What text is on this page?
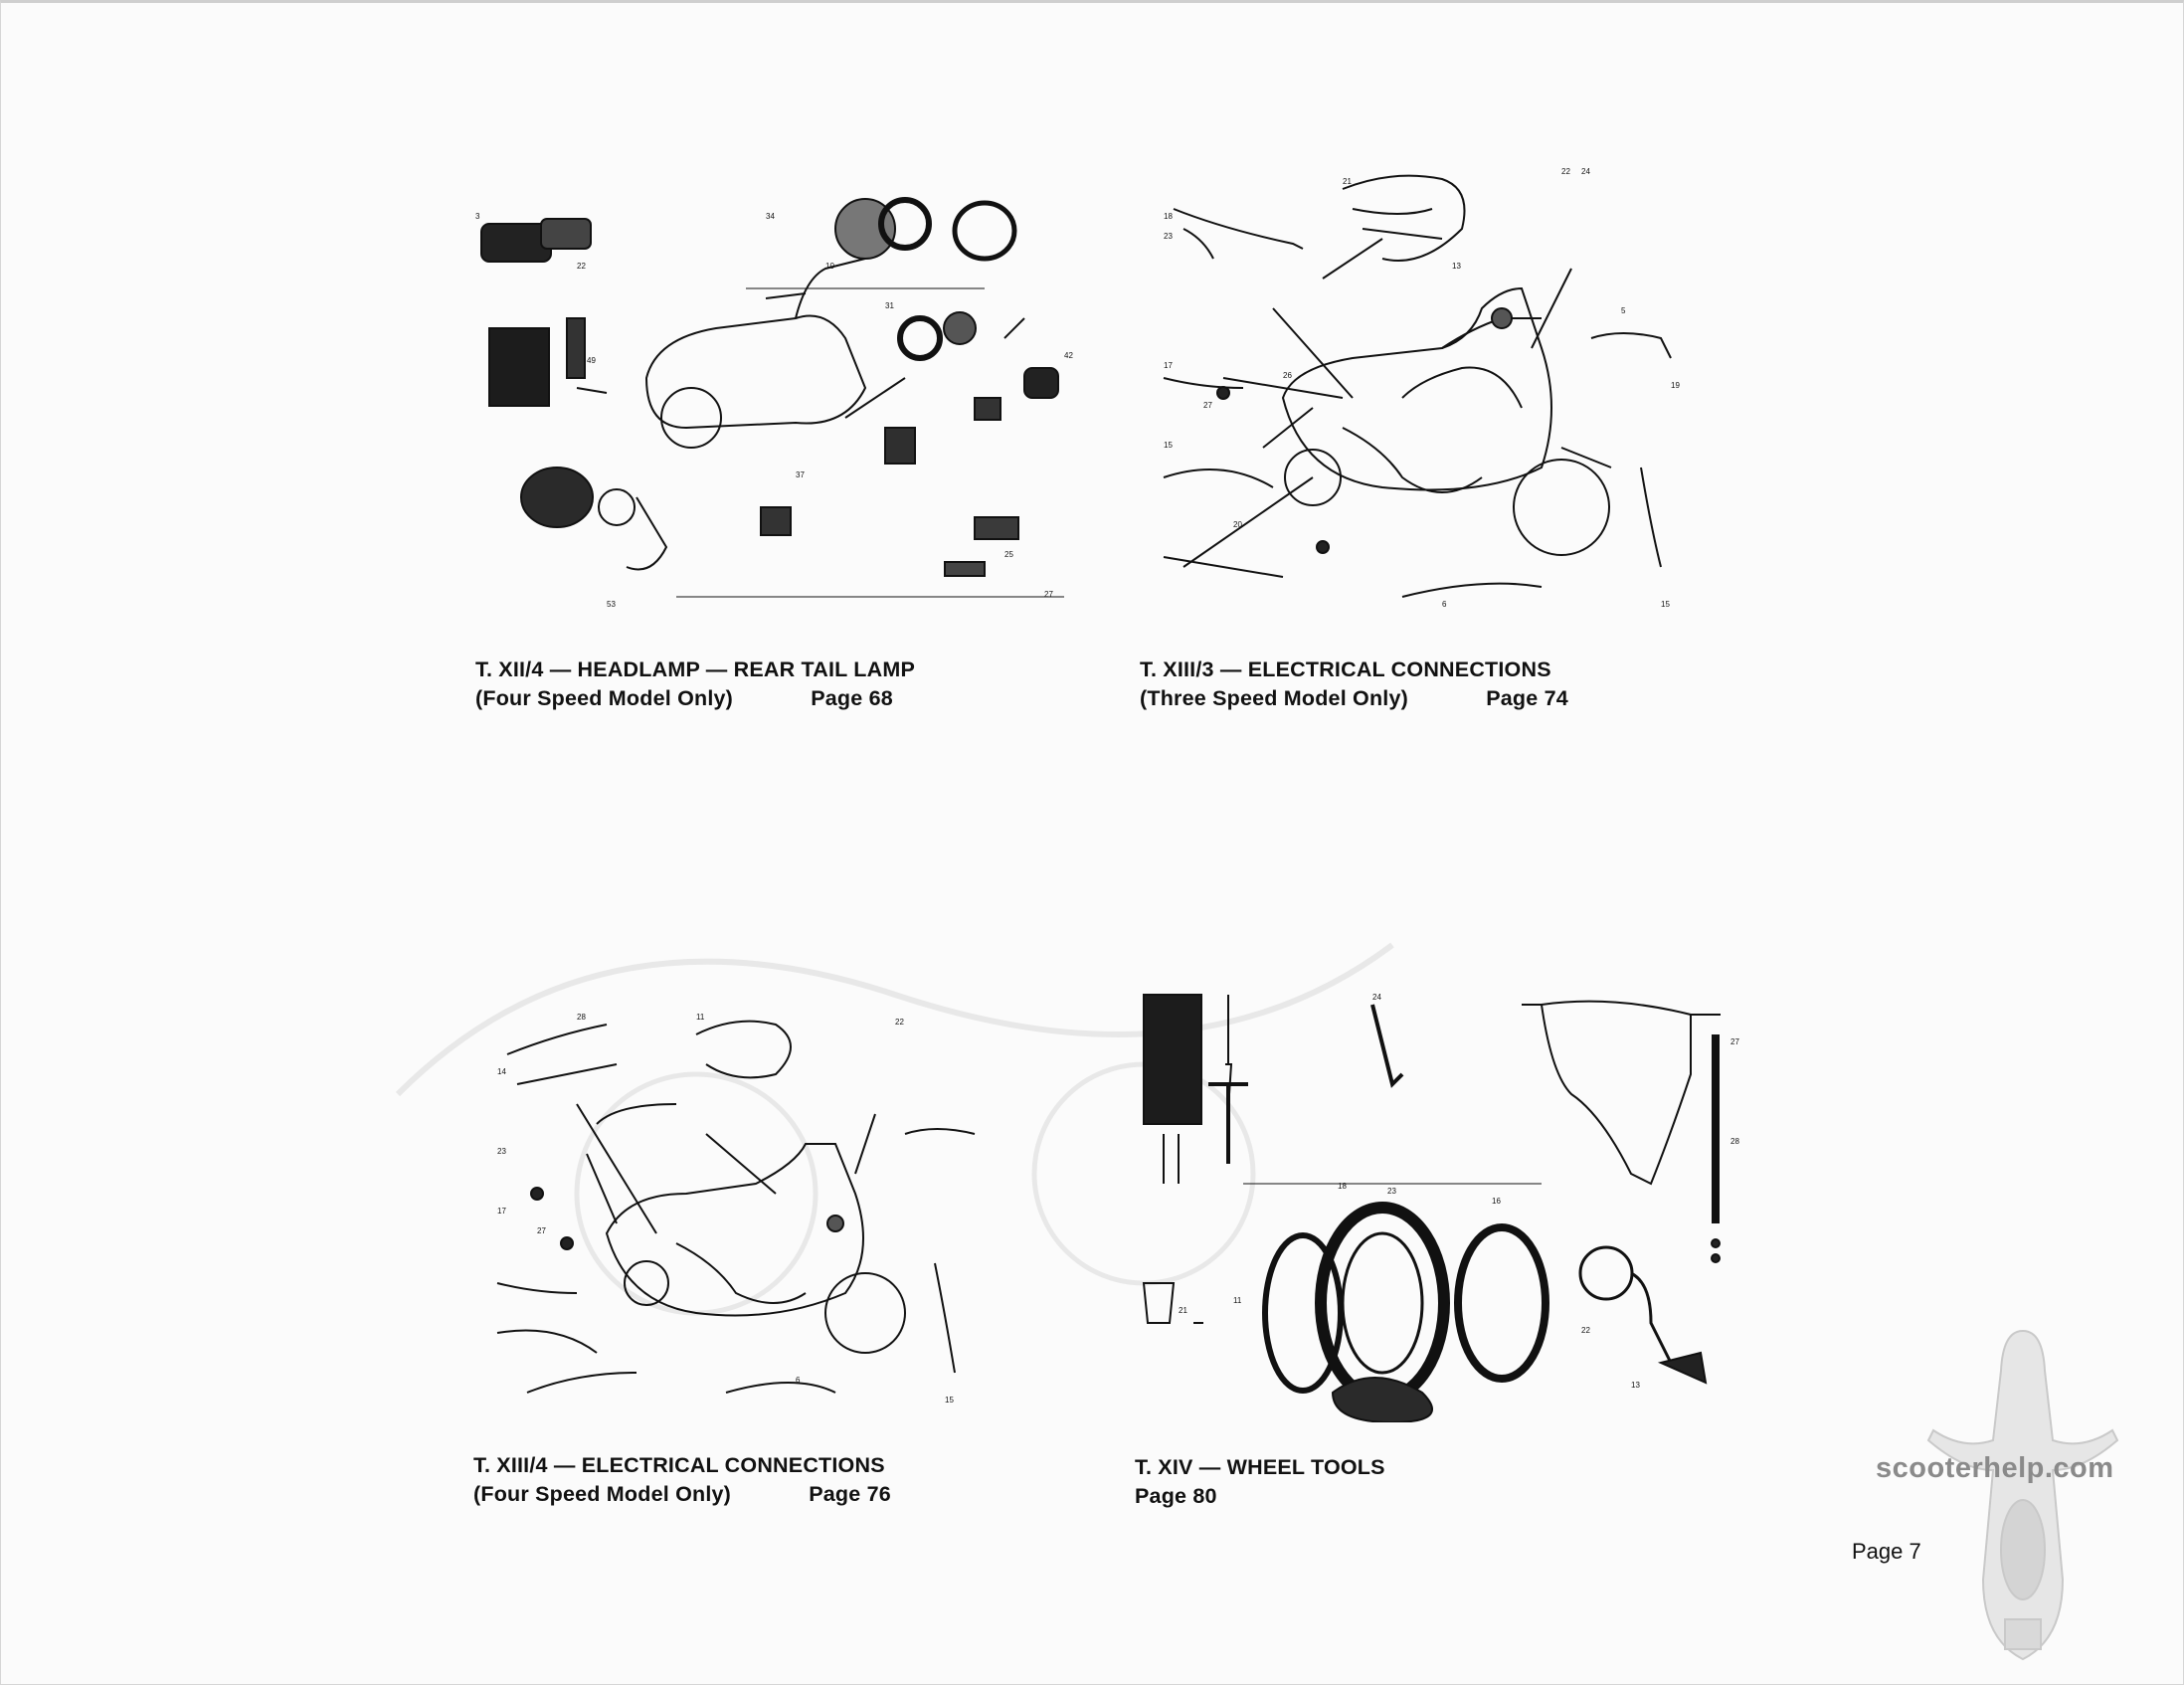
3
22
49
34
10
31
42
53
37
25
27
18
23
21
13
22 24
5
19
17
27
26
15
20
6	15
28	11
22
14
23
17
27
15
6
24
27
28
18
23
16
21
11
22
13
T. XII/4 — HEADLAMP — REAR TAIL LAMP
(Four Speed Model Only)	Page 68
T. XIII/3 — ELECTRICAL CONNECTIONS
(Three Speed Model Only)	Page 74
T. XIII/4 — ELECTRICAL CONNECTIONS
(Four Speed Model Only)	Page 76
T. XIV — WHEEL TOOLS
Page 80
scooterhelp.com
Page 7
